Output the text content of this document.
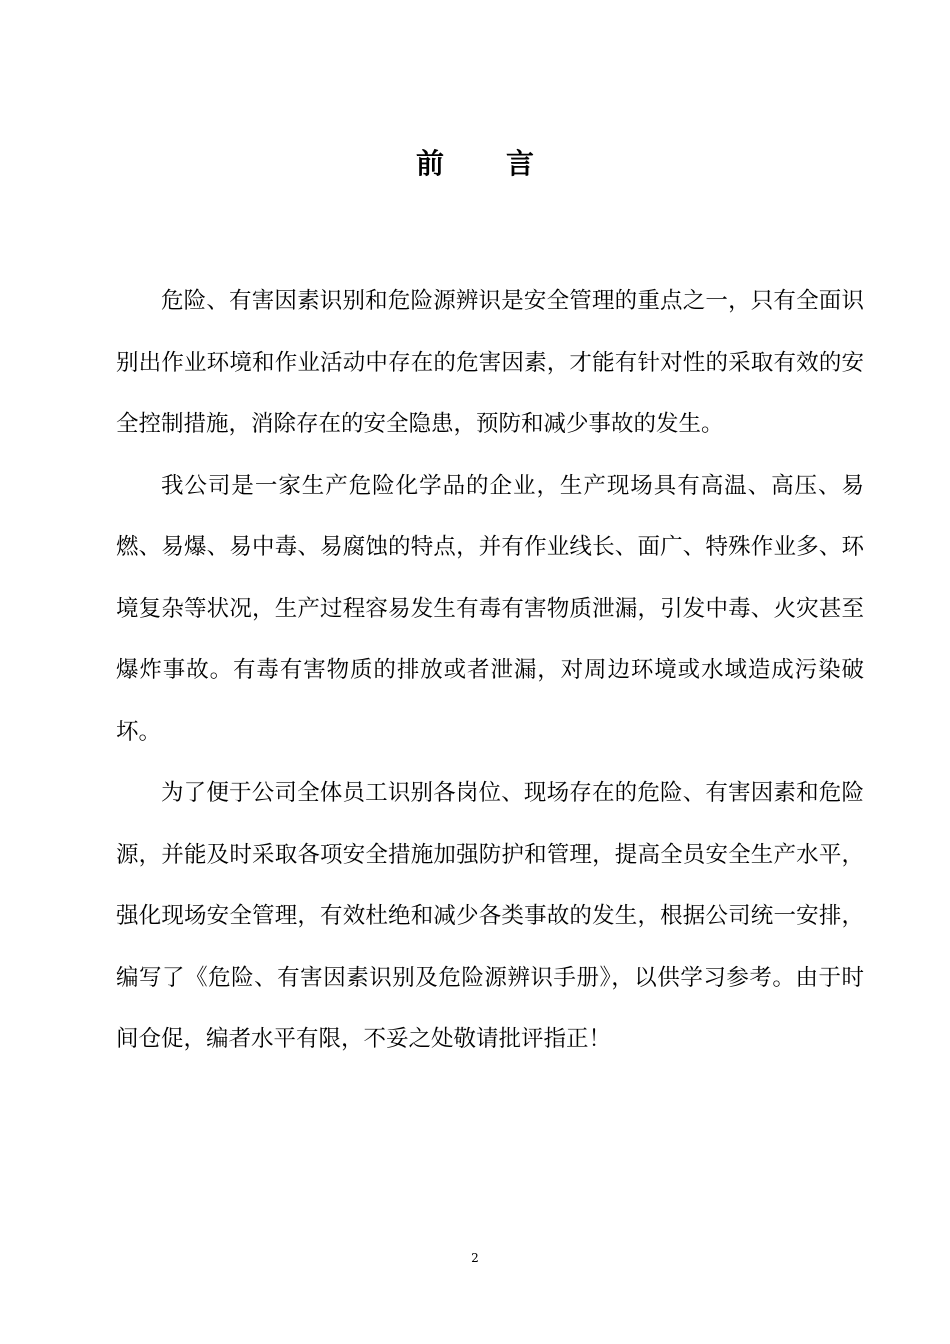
前 言

危险、有害因素识别和危险源辨识是安全管理的重点之一，只有全面识别出作业环境和作业活动中存在的危害因素，才能有针对性的采取有效的安全控制措施，消除存在的安全隐患，预防和减少事故的发生。

我公司是一家生产危险化学品的企业，生产现场具有高温、高压、易燃、易爆、易中毒、易腐蚀的特点，并有作业线长、面广、特殊作业多、环境复杂等状况，生产过程容易发生有毒有害物质泄漏，引发中毒、火灾甚至爆炸事故。有毒有害物质的排放或者泄漏，对周边环境或水域造成污染破坏。

为了便于公司全体员工识别各岗位、现场存在的危险、有害因素和危险源，并能及时采取各项安全措施加强防护和管理，提高全员安全生产水平，强化现场安全管理，有效杜绝和减少各类事故的发生，根据公司统一安排，编写了《危险、有害因素识别及危险源辨识手册》，以供学习参考。由于时间仓促，编者水平有限，不妥之处敬请批评指正！

2
